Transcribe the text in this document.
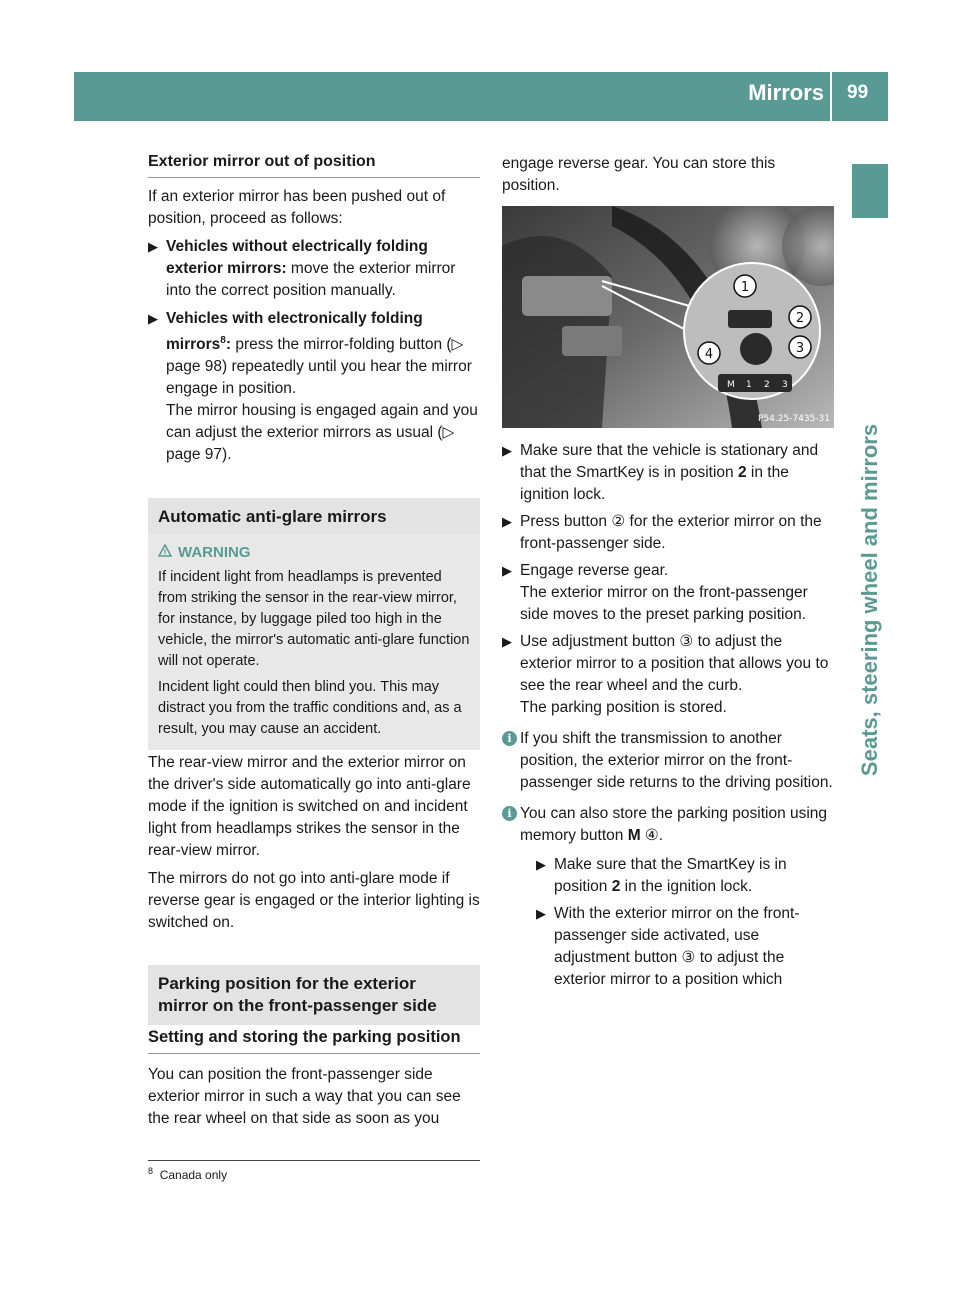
Mirrors 99
Seats, steering wheel and mirrors
Exterior mirror out of position

If an exterior mirror has been pushed out of position, proceed as follows:

▶ Vehicles without electrically folding exterior mirrors: move the exterior mirror into the correct position manually.
▶ Vehicles with electronically folding mirrors$^8$: press the mirror-folding button (▷ page 98) repeatedly until you hear the mirror engage in position.
The mirror housing is engaged again and you can adjust the exterior mirrors as usual (▷ page 97).
Automatic anti-glare mirrors
! WARNING
If incident light from headlamps is prevented from striking the sensor in the rear-view mirror, for instance, by luggage piled too high in the vehicle, the mirror's automatic anti-glare function will not operate.
Incident light could then blind you. This may distract you from the traffic conditions and, as a result, you may cause an accident.

The rear-view mirror and the exterior mirror on the driver's side automatically go into anti-glare mode if the ignition is switched on and incident light from headlamps strikes the sensor in the rear-view mirror.

The mirrors do not go into anti-glare mode if reverse gear is engaged or the interior lighting is switched on.

Parking position for the exterior mirror on the front-passenger side
Setting and storing the parking position

You can position the front-passenger side exterior mirror in such a way that you can see the rear wheel on that side as soon as you

$^8$ Canada only

engage reverse gear. You can store this position.

M 1 2 3
1
2
3
4
P54.25-7435-31
▶ Make sure that the vehicle is stationary and that the SmartKey is in position 2 in the ignition lock.
▶ Press button ② for the exterior mirror on the front-passenger side.
▶ Engage reverse gear.
The exterior mirror on the front-passenger side moves to the preset parking position.
▶ Use adjustment button ③ to adjust the exterior mirror to a position that allows you to see the rear wheel and the curb.
The parking position is stored.
i If you shift the transmission to another position, the exterior mirror on the front-passenger side returns to the driving position.
i You can also store the parking position using memory button M ④.
▶ Make sure that the SmartKey is in position 2 in the ignition lock.
▶ With the exterior mirror on the front-passenger side activated, use adjustment button ③ to adjust the exterior mirror to a position which
